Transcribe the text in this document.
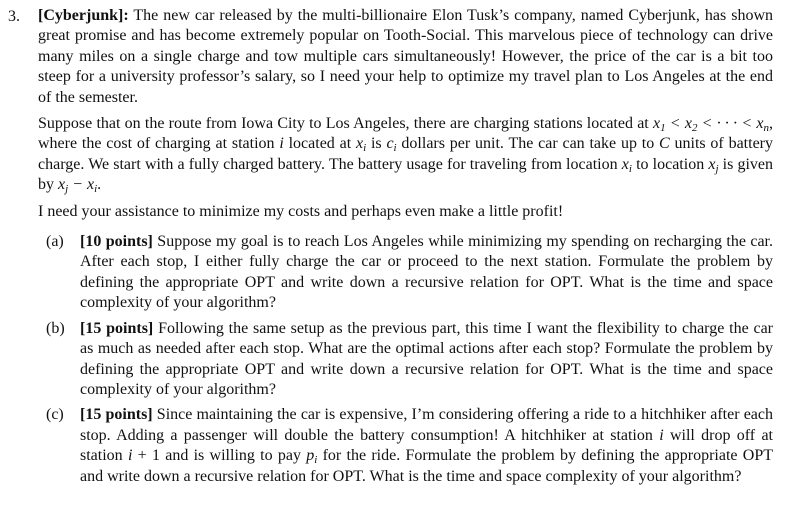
3. [Cyberjunk]: The new car released by the multi-billionaire Elon Tusk’s company, named Cyberjunk, has shown great promise and has become extremely popular on Tooth-Social. This marvelous piece of technology can drive many miles on a single charge and tow multiple cars simultaneously! However, the price of the car is a bit too steep for a university professor’s salary, so I need your help to optimize my travel plan to Los Angeles at the end of the semester.

Suppose that on the route from Iowa City to Los Angeles, there are charging stations located at $x_1 < x_2$ < · · · < $x_n$, where the cost of charging at station i located at $x_i$ is $c_i$ dollars per unit. The car can take up to C units of battery charge. We start with a fully charged battery. The battery usage for traveling from location $x_i$ to location $x_j$ is given by $x_j - x_i$.

I need your assistance to minimize my costs and perhaps even make a little profit!

(a) [10 points] Suppose my goal is to reach Los Angeles while minimizing my spending on recharging the car. After each stop, I either fully charge the car or proceed to the next station. Formulate the problem by defining the appropriate OPT and write down a recursive relation for OPT. What is the time and space complexity of your algorithm?

(b) [15 points] Following the same setup as the previous part, this time I want the flexibility to charge the car as much as needed after each stop. What are the optimal actions after each stop? Formulate the problem by defining the appropriate OPT and write down a recursive relation for OPT. What is the time and space complexity of your algorithm?

(c) [15 points] Since maintaining the car is expensive, I’m considering offering a ride to a hitchhiker after each stop. Adding a passenger will double the battery consumption! A hitchhiker at station i will drop off at station i + 1 and is willing to pay $p_i$ for the ride. Formulate the problem by defining the appropriate OPT and write down a recursive relation for OPT. What is the time and space complexity of your algorithm?
